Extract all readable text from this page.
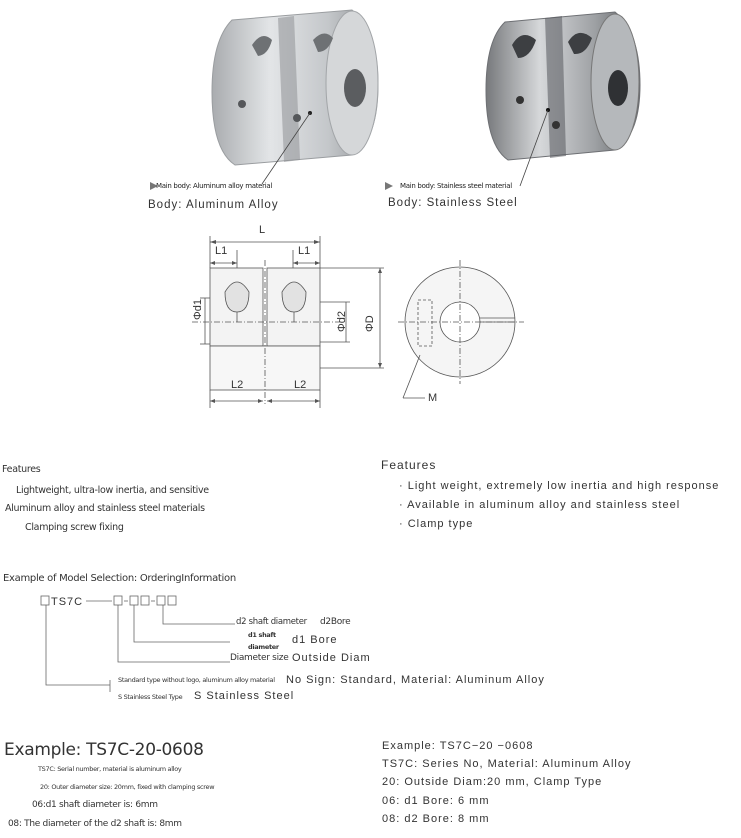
Main body: Aluminum alloy material
Body: Aluminum Alloy
Main body: Stainless steel material
Body: Stainless Steel
L
L1	L1
L2	L2
Φd1
Φd2 ΦD
M
Features
Lightweight, ultra-low inertia, and sensitive
Aluminum alloy and stainless steel materials
Clamping screw fixing
Features
· Light weight, extremely low inertia and high response
· Available in aluminum alloy and stainless steel
· Clamp type
Example of Model Selection: OrderingInformation
TS7C
d2 shaft diameter d2Bore
d1 shaft
diameter
d1 Bore
Diameter size Outside Diam
Standard type without logo, aluminum alloy material No Sign: Standard, Material: Aluminum Alloy
S Stainless Steel Type S Stainless Steel
Example: TS7C-20-0608
TS7C: Serial number, material is aluminum alloy
20: Outer diameter size: 20mm, fixed with clamping screw
06:d1 shaft diameter is: 6mm
08: The diameter of the d2 shaft is: 8mm
Example: TS7C−20 −0608
TS7C: Series No, Material: Aluminum Alloy
20: Outside Diam:20 mm, Clamp Type
06: d1 Bore: 6 mm
08: d2 Bore: 8 mm
